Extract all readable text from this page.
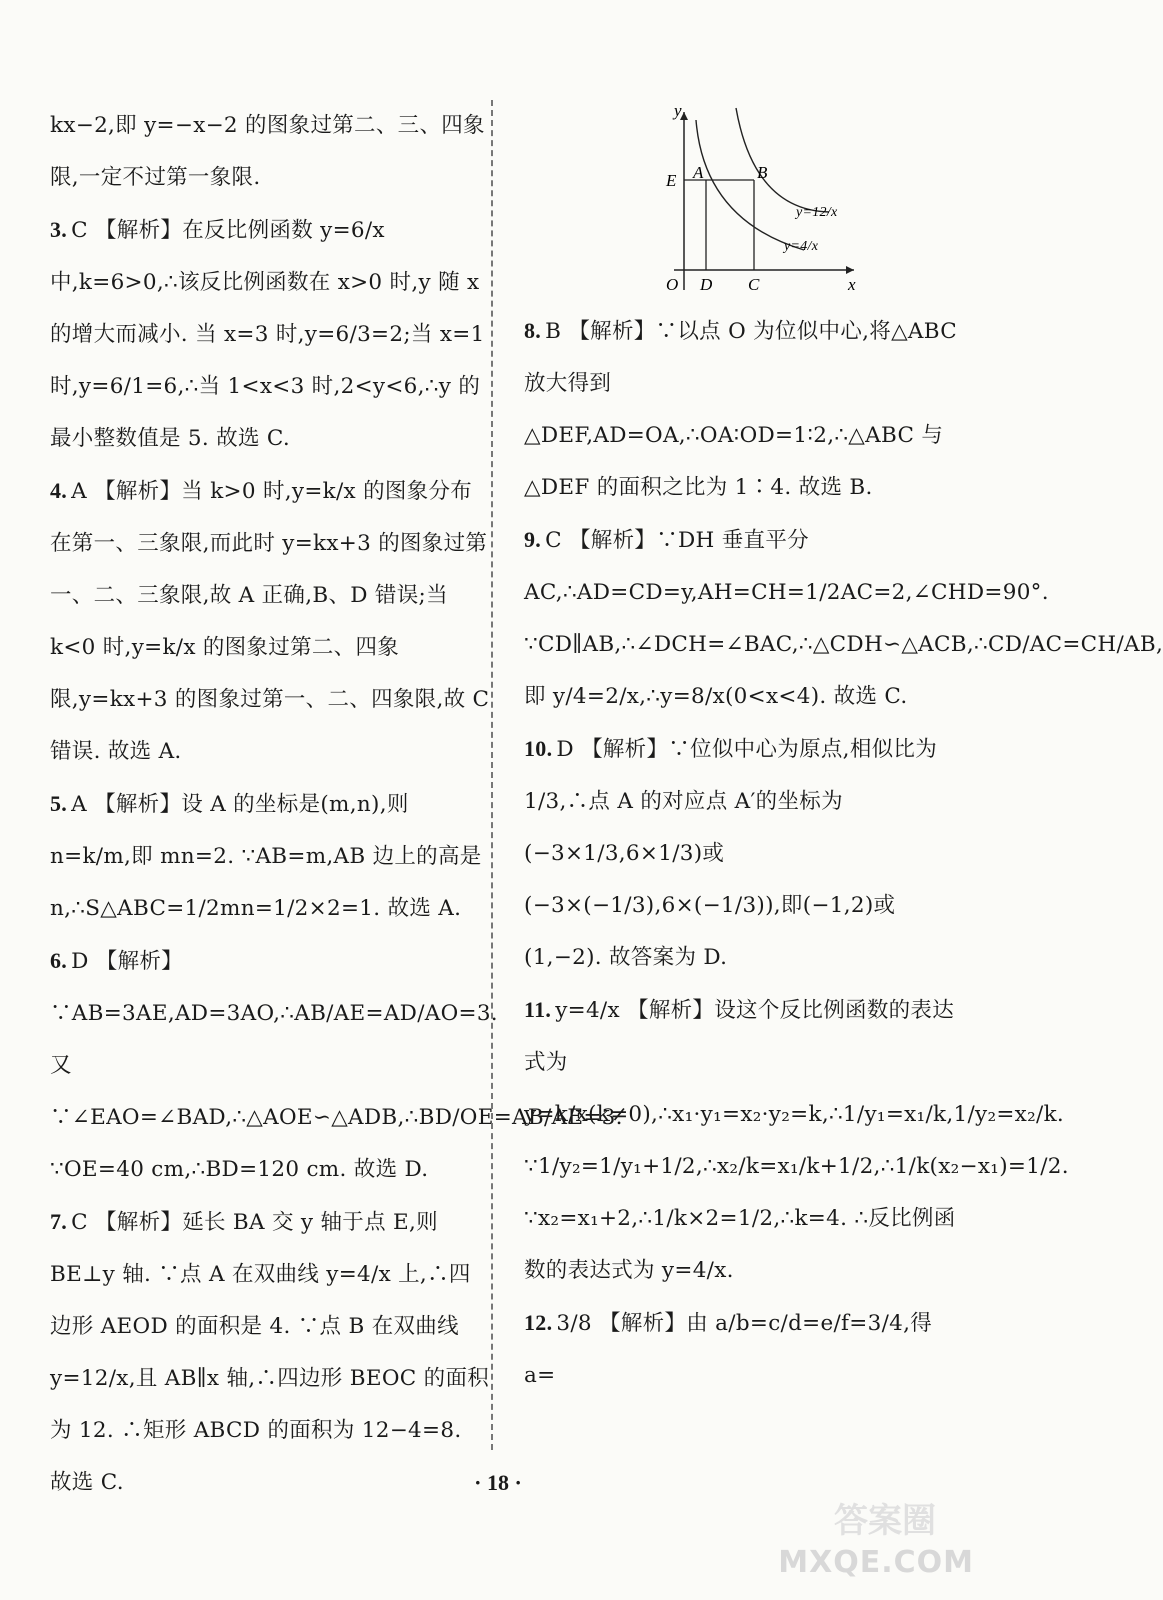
kx−2,即 y=−x−2 的图象过第二、三、四象限,一定不过第一象限.

3. C 【解析】在反比例函数 y=6/x 中,k=6>0,∴该反比例函数在 x>0 时,y 随 x 的增大而减小. 当 x=3 时,y=6/3=2;当 x=1 时,y=6/1=6,∴当 1<x<3 时,2<y<6,∴y 的最小整数值是 5. 故选 C.

4. A 【解析】当 k>0 时,y=k/x 的图象分布在第一、三象限,而此时 y=kx+3 的图象过第一、二、三象限,故 A 正确,B、D 错误;当 k<0 时,y=k/x 的图象过第二、四象限,y=kx+3 的图象过第一、二、四象限,故 C 错误. 故选 A.

5. A 【解析】设 A 的坐标是(m,n),则 n=k/m,即 mn=2. ∵AB=m,AB 边上的高是 n,∴S△ABC=1/2mn=1/2×2=1. 故选 A.

6. D 【解析】∵AB=3AE,AD=3AO,∴AB/AE=AD/AO=3. 又∵∠EAO=∠BAD,∴△AOE∽△ADB,∴BD/OE=AB/AE=3. ∵OE=40 cm,∴BD=120 cm. 故选 D.

7. C 【解析】延长 BA 交 y 轴于点 E,则 BE⊥y 轴. ∵点 A 在双曲线 y=4/x 上,∴四边形 AEOD 的面积是 4. ∵点 B 在双曲线 y=12/x,且 AB∥x 轴,∴四边形 BEOC 的面积为 12. ∴矩形 ABCD 的面积为 12−4=8. 故选 C.

y
x
E A	B
O D C
y=12/x
y=4/x

8. B 【解析】∵以点 O 为位似中心,将△ABC 放大得到△DEF,AD=OA,∴OA∶OD=1∶2,∴△ABC 与△DEF 的面积之比为 1∶4. 故选 B.

9. C 【解析】∵DH 垂直平分 AC,∴AD=CD=y,AH=CH=1/2AC=2,∠CHD=90°. ∵CD∥AB,∴∠DCH=∠BAC,∴△CDH∽△ACB,∴CD/AC=CH/AB,即 y/4=2/x,∴y=8/x(0<x<4). 故选 C.

10. D 【解析】∵位似中心为原点,相似比为 1/3,∴点 A 的对应点 A′的坐标为(−3×1/3,6×1/3)或(−3×(−1/3),6×(−1/3)),即(−1,2)或(1,−2). 故答案为 D.

11. y=4/x 【解析】设这个反比例函数的表达式为 y=k/x(k≠0),∴x₁·y₁=x₂·y₂=k,∴1/y₁=x₁/k,1/y₂=x₂/k. ∵1/y₂=1/y₁+1/2,∴x₂/k=x₁/k+1/2,∴1/k(x₂−x₁)=1/2. ∵x₂=x₁+2,∴1/k×2=1/2,∴k=4. ∴反比例函数的表达式为 y=4/x.

12. 3/8 【解析】由 a/b=c/d=e/f=3/4,得 a=

· 18 ·
答案圈
MXQE.COM
